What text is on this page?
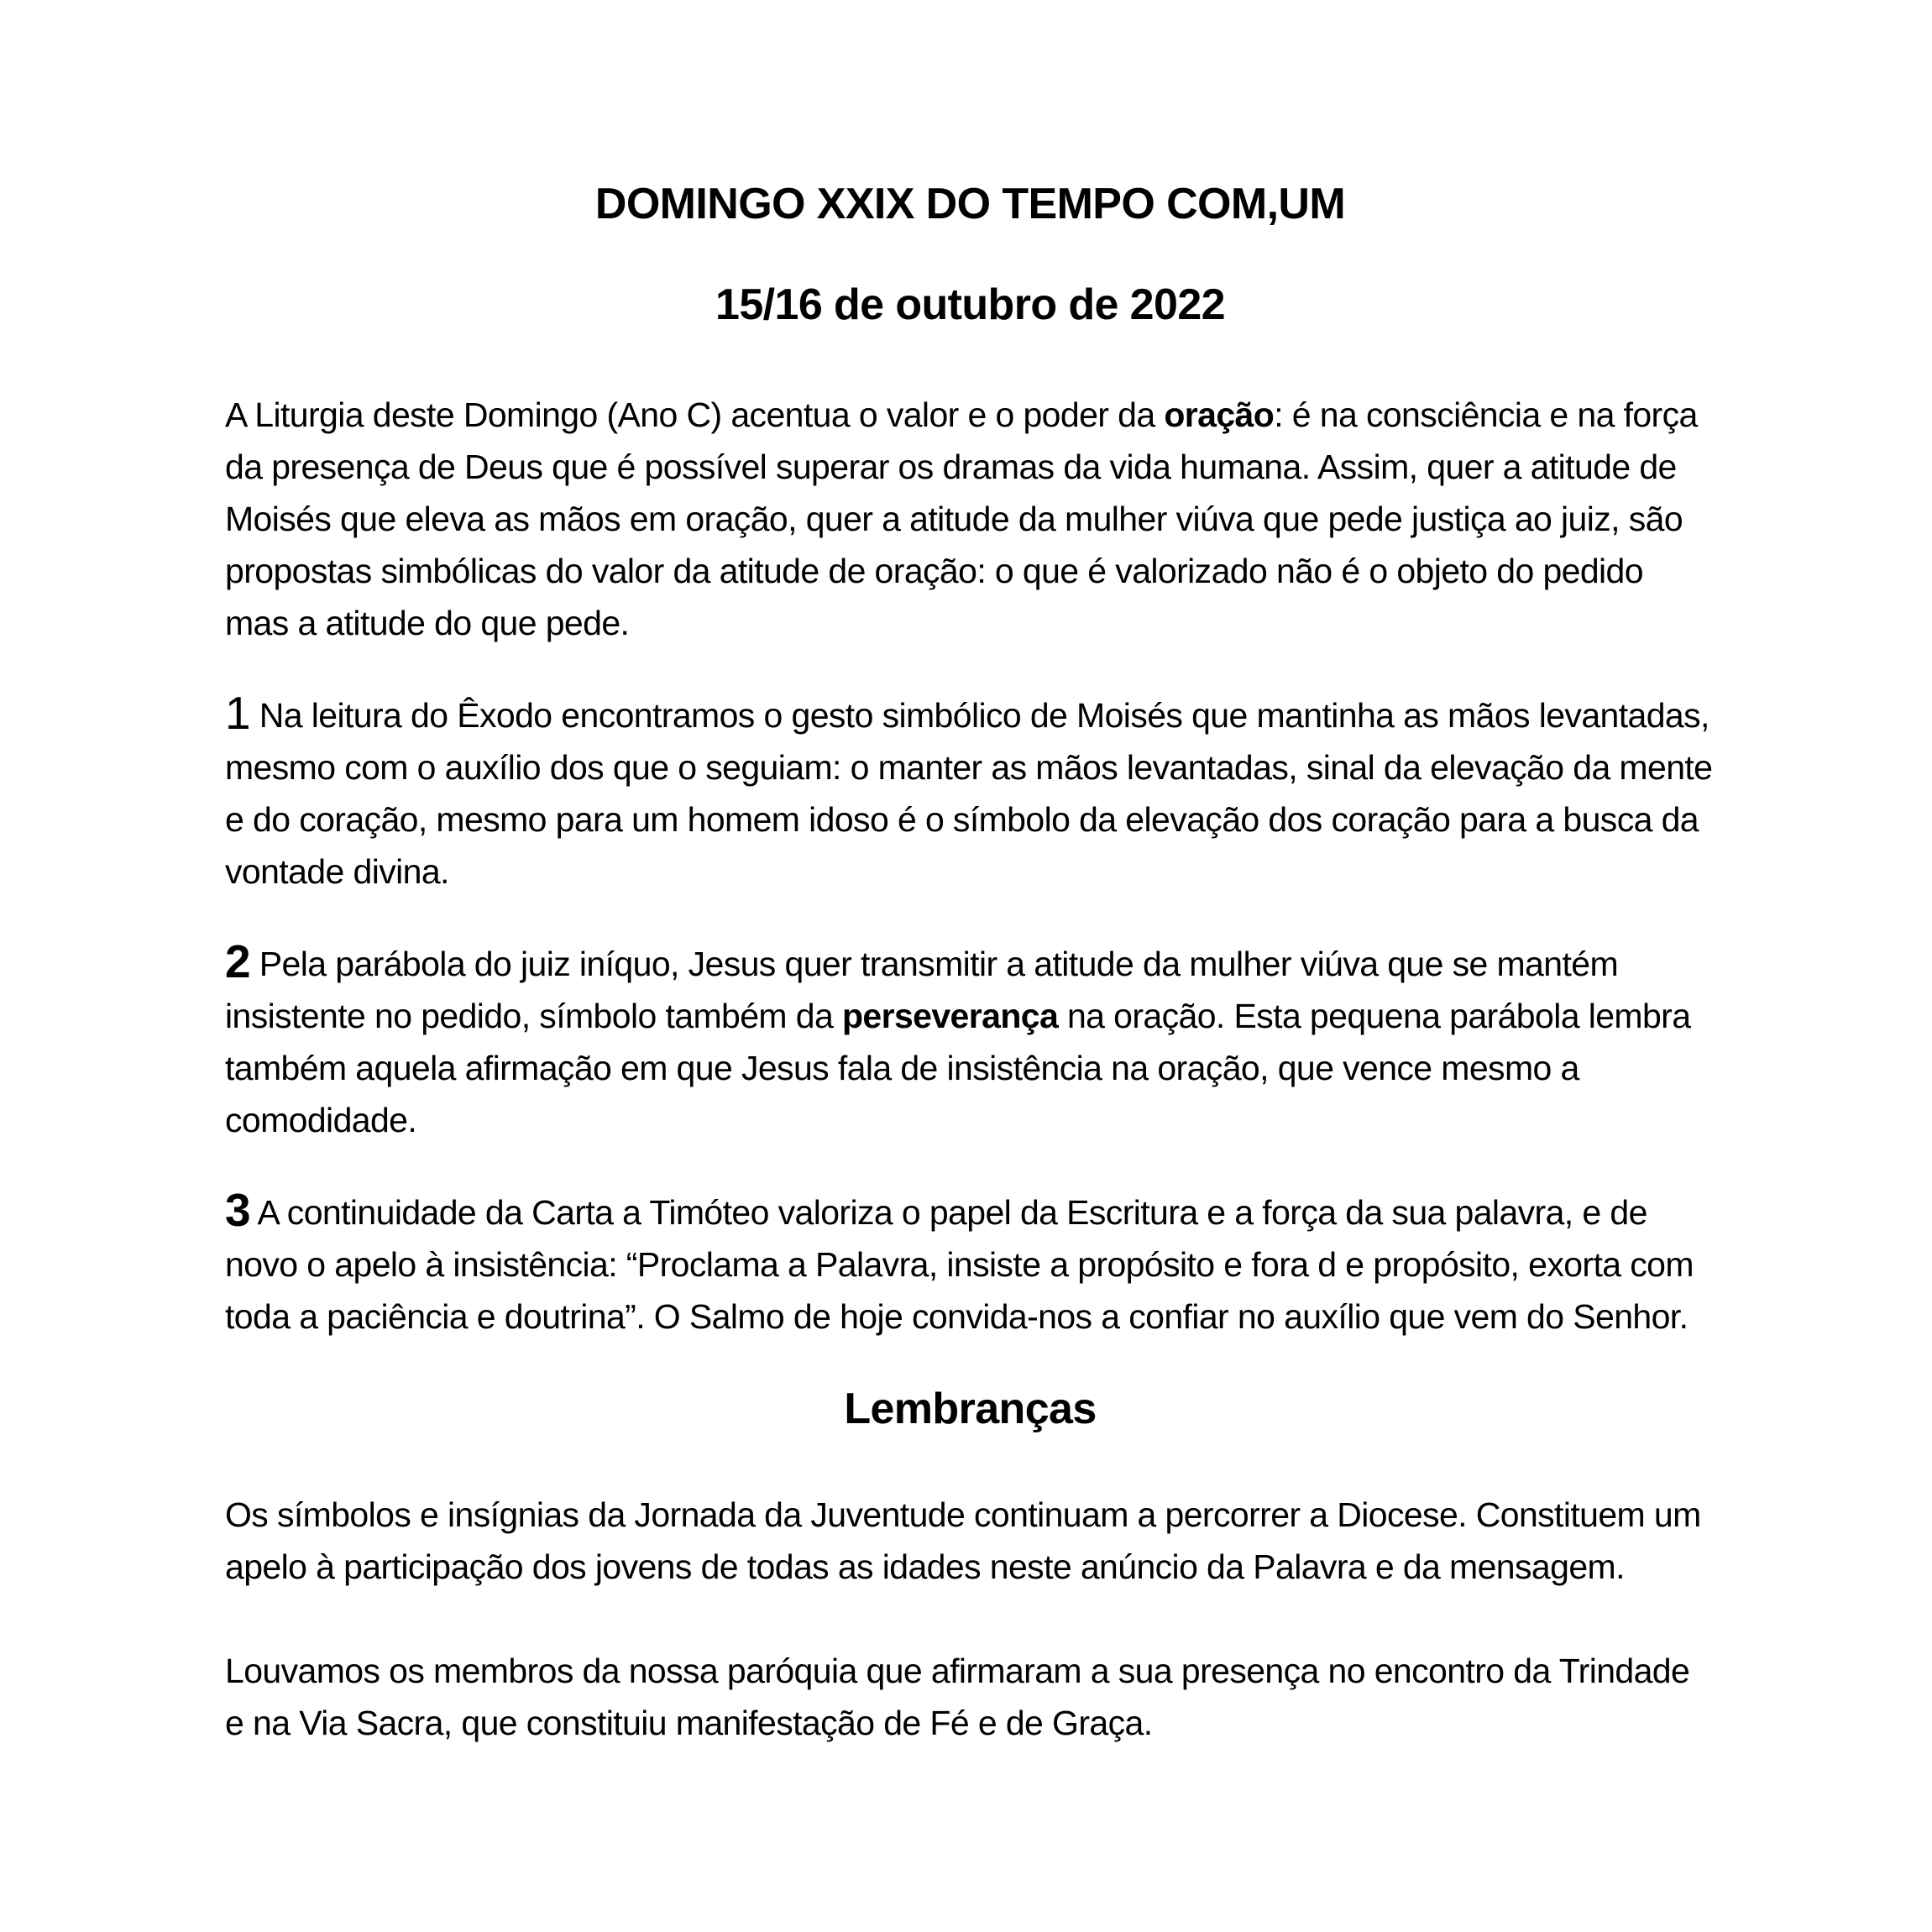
DOMINGO XXIX DO TEMPO COM,UM
15/16 de outubro de 2022

A Liturgia deste Domingo (Ano C) acentua o valor e o poder da oração: é na consciência e na força da presença de Deus que é possível superar os dramas da vida humana. Assim, quer a atitude de Moisés que eleva as mãos em oração, quer a atitude da mulher viúva que pede justiça ao juiz, são propostas simbólicas do valor da atitude de oração: o que é valorizado não é o objeto do pedido mas a atitude do que pede.

1 Na leitura do Êxodo encontramos o gesto simbólico de Moisés que mantinha as mãos levantadas, mesmo com o auxílio dos que o seguiam: o manter as mãos levantadas, sinal da elevação da mente e do coração, mesmo para um homem idoso é o símbolo da elevação dos coração para a busca da vontade divina.

2 Pela parábola do juiz iníquo, Jesus quer transmitir a atitude da mulher viúva que se mantém insistente no pedido, símbolo também da perseverança na oração. Esta pequena parábola lembra também aquela afirmação em que Jesus fala de insistência na oração, que vence mesmo a comodidade.

3 A continuidade da Carta a Timóteo valoriza o papel da Escritura e a força da sua palavra, e de novo o apelo à insistência: “Proclama a Palavra, insiste a propósito e fora d e propósito, exorta com toda a paciência e doutrina”. O Salmo de hoje convida-nos a confiar no auxílio que vem do Senhor.

Lembranças

Os símbolos e insígnias da Jornada da Juventude continuam a percorrer a Diocese. Constituem um apelo à participação dos jovens de todas as idades neste anúncio da Palavra e da mensagem.

Louvamos os membros da nossa paróquia que afirmaram a sua presença no encontro da Trindade e na Via Sacra, que constituiu manifestação de Fé e de Graça.
